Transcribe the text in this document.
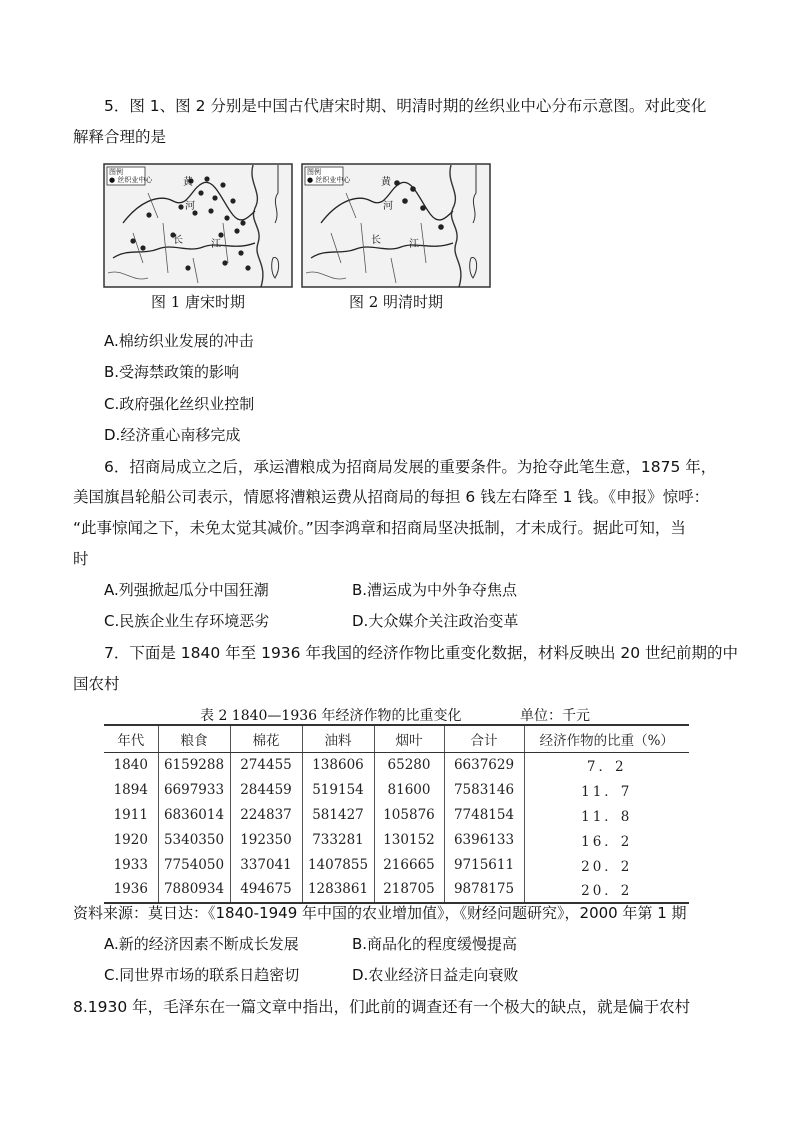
5．图 1、图 2 分别是中国古代唐宋时期、明清时期的丝织业中心分布示意图。对此变化
解释合理的是
图例
● 丝织业中心	黄
河
长	江
图 1 唐宋时期
图例
● 丝织业中心	黄
河
长	江
图 2 明清时期
A.棉纺织业发展的冲击
B.受海禁政策的影响
C.政府强化丝织业控制
D.经济重心南移完成
6．招商局成立之后，承运漕粮成为招商局发展的重要条件。为抢夺此笔生意，1875 年，
美国旗昌轮船公司表示，情愿将漕粮运费从招商局的每担 6 钱左右降至 1 钱。《申报》惊呼：
“此事惊闻之下，未免太觉其减价。”因李鸿章和招商局坚决抵制，才未成行。据此可知，当
时
A.列强掀起瓜分中国狂潮	B.漕运成为中外争夺焦点
C.民族企业生存环境恶劣	D.大众媒介关注政治变革
7．下面是 1840 年至 1936 年我国的经济作物比重变化数据，材料反映出 20 世纪前期的中
国农村
表 2 1840—1936 年经济作物的比重变化	单位：千元
年代	粮食	棉花	油料	烟叶	合计	经济作物的比重（%）
1840	6159288	274455	138606	65280	6637629	7．2
1894	6697933	284459	519154	81600	7583146	11．7
1911	6836014	224837	581427	105876	7748154	11．8
1920	5340350	192350	733281	130152	6396133	16．2
1933	7754050	337041	1407855	216665	9715611	20．2
1936	7880934	494675	1283861	218705	9878175	20．2
资料来源：莫日达：《1840-1949 年中国的农业增加值》，《财经问题研究》，2000 年第 1 期
A.新的经济因素不断成长发展	B.商品化的程度缓慢提高
C.同世界市场的联系日趋密切	D.农业经济日益走向衰败
8.1930 年，毛泽东在一篇文章中指出，们此前的调查还有一个极大的缺点，就是偏于农村
